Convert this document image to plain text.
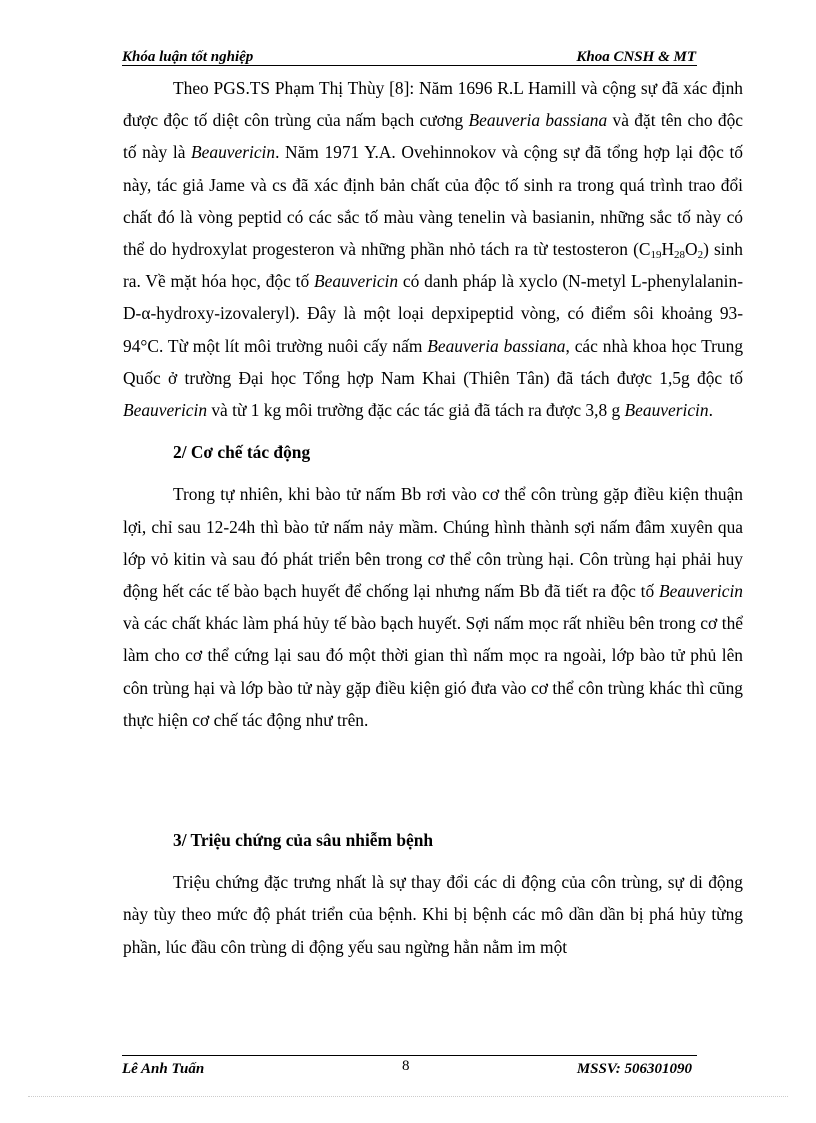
Khóa luận tốt nghiệp	Khoa CNSH & MT

Theo PGS.TS Phạm Thị Thùy [8]: Năm 1696 R.L Hamill và cộng sự đã xác định được độc tố diệt côn trùng của nấm bạch cương Beauveria bassiana và đặt tên cho độc tố này là Beauvericin. Năm 1971 Y.A. Ovehinnokov và cộng sự đã tổng hợp lại độc tố này, tác giả Jame và cs đã xác định bản chất của độc tố sinh ra trong quá trình trao đổi chất đó là vòng peptid có các sắc tố màu vàng tenelin và basianin, những sắc tố này có thể do hydroxylat progesteron và những phần nhỏ tách ra từ testosteron $(C_{19}H_{28}O_2)$ sinh ra. Về mặt hóa học, độc tố Beauvericin có danh pháp là xyclo (N-metyl L-phenylalanin-D-α-hydroxy-izovaleryl). Đây là một loại depxipeptid vòng, có điểm sôi khoảng 93-94°C. Từ một lít môi trường nuôi cấy nấm Beauveria bassiana, các nhà khoa học Trung Quốc ở trường Đại học Tổng hợp Nam Khai (Thiên Tân) đã tách được 1,5g độc tố Beauvericin và từ 1 kg môi trường đặc các tác giả đã tách ra được 3,8 g Beauvericin.

2/ Cơ chế tác động

Trong tự nhiên, khi bào tử nấm Bb rơi vào cơ thể côn trùng gặp điều kiện thuận lợi, chỉ sau 12-24h thì bào tử nấm nảy mầm. Chúng hình thành sợi nấm đâm xuyên qua lớp vỏ kitin và sau đó phát triển bên trong cơ thể côn trùng hại. Côn trùng hại phải huy động hết các tế bào bạch huyết để chống lại nhưng nấm Bb đã tiết ra độc tố Beauvericin và các chất khác làm phá hủy tế bào bạch huyết. Sợi nấm mọc rất nhiều bên trong cơ thể làm cho cơ thể cứng lại sau đó một thời gian thì nấm mọc ra ngoài, lớp bào tử phủ lên côn trùng hại và lớp bào tử này gặp điều kiện gió đưa vào cơ thể côn trùng khác thì cũng thực hiện cơ chế tác động như trên.

3/ Triệu chứng của sâu nhiễm bệnh

Triệu chứng đặc trưng nhất là sự thay đổi các di động của côn trùng, sự di động này tùy theo mức độ phát triển của bệnh. Khi bị bệnh các mô dần dần bị phá hủy từng phần, lúc đầu côn trùng di động yếu sau ngừng hẳn nằm im một

Lê Anh Tuấn	8	MSSV: 506301090
